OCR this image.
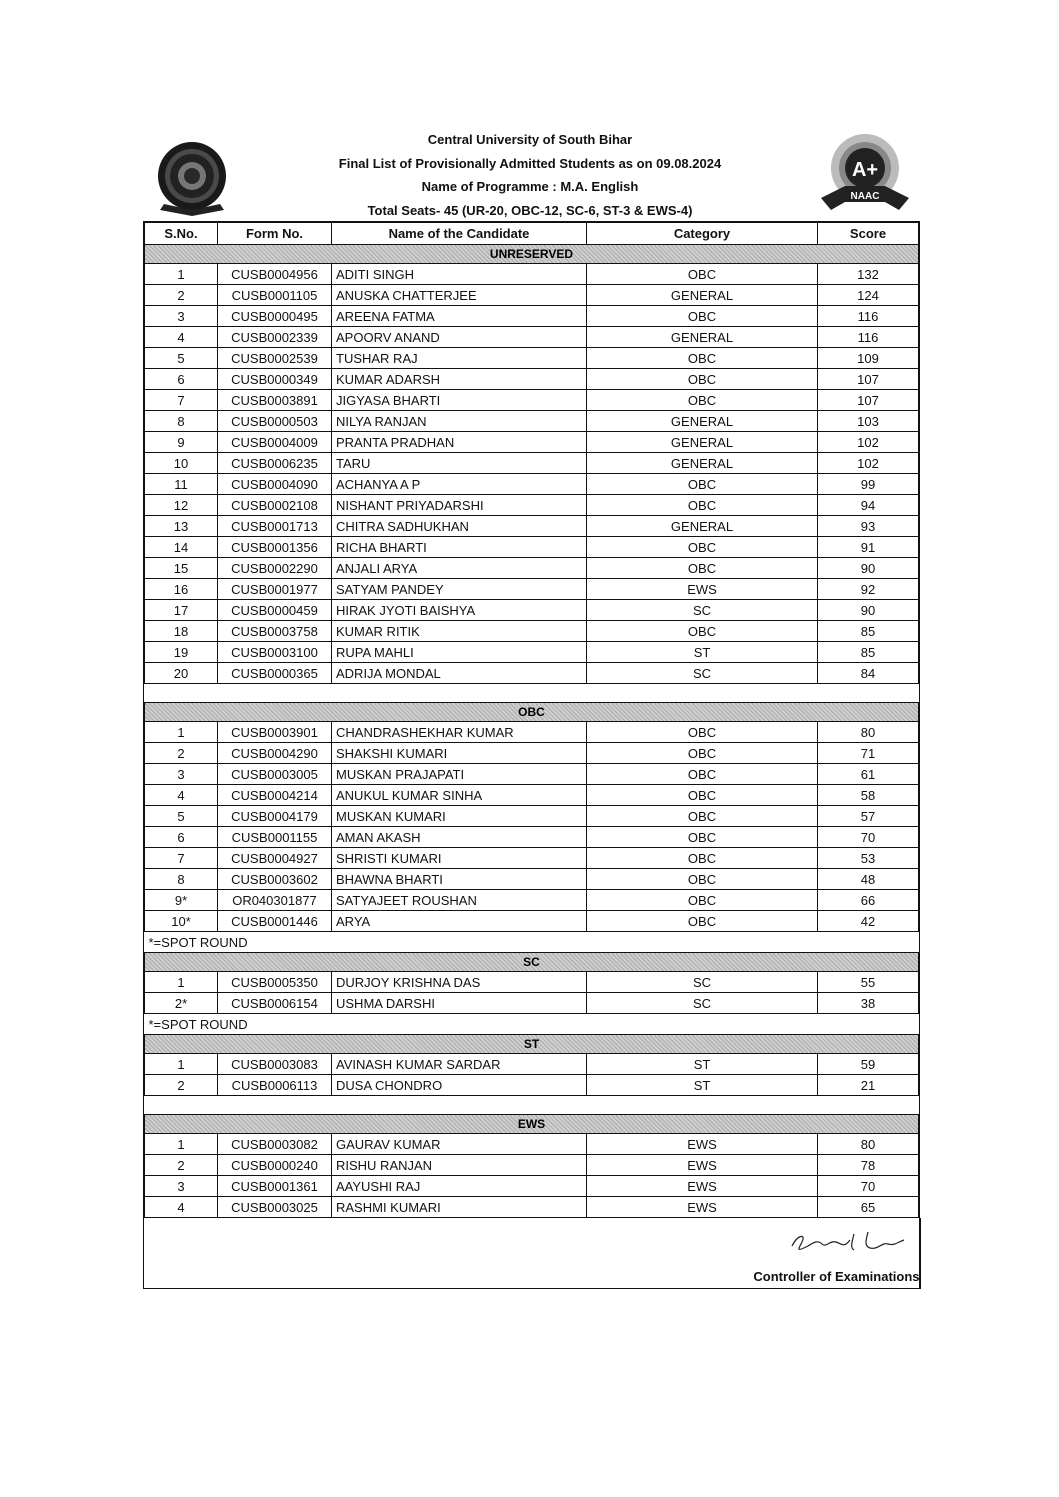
Central University of South Bihar
Final List of Provisionally Admitted Students as on 09.08.2024
Name of Programme : M.A. English
Total Seats- 45 (UR-20, OBC-12, SC-6, ST-3 & EWS-4)
A+
NAAC
S.No.	Form No.	Name of the Candidate	Category	Score
UNRESERVED				
1	CUSB0004956	ADITI SINGH	OBC	132
2	CUSB0001105	ANUSKA CHATTERJEE	GENERAL	124
3	CUSB0000495	AREENA FATMA	OBC	116
4	CUSB0002339	APOORV ANAND	GENERAL	116
5	CUSB0002539	TUSHAR RAJ	OBC	109
6	CUSB0000349	KUMAR ADARSH	OBC	107
7	CUSB0003891	JIGYASA BHARTI	OBC	107
8	CUSB0000503	NILYA RANJAN	GENERAL	103
9	CUSB0004009	PRANTA PRADHAN	GENERAL	102
10	CUSB0006235	TARU	GENERAL	102
11	CUSB0004090	ACHANYA A P	OBC	99
12	CUSB0002108	NISHANT PRIYADARSHI	OBC	94
13	CUSB0001713	CHITRA SADHUKHAN	GENERAL	93
14	CUSB0001356	RICHA BHARTI	OBC	91
15	CUSB0002290	ANJALI ARYA	OBC	90
16	CUSB0001977	SATYAM PANDEY	EWS	92
17	CUSB0000459	HIRAK JYOTI BAISHYA	SC	90
18	CUSB0003758	KUMAR RITIK	OBC	85
19	CUSB0003100	RUPA MAHLI	ST	85
20	CUSB0000365	ADRIJA MONDAL	SC	84

OBC				
1	CUSB0003901	CHANDRASHEKHAR KUMAR	OBC	80
2	CUSB0004290	SHAKSHI KUMARI	OBC	71
3	CUSB0003005	MUSKAN PRAJAPATI	OBC	61
4	CUSB0004214	ANUKUL KUMAR SINHA	OBC	58
5	CUSB0004179	MUSKAN KUMARI	OBC	57
6	CUSB0001155	AMAN AKASH	OBC	70
7	CUSB0004927	SHRISTI KUMARI	OBC	53
8	CUSB0003602	BHAWNA BHARTI	OBC	48
9*	OR040301877	SATYAJEET ROUSHAN	OBC	66
10*	CUSB0001446	ARYA	OBC	42
*=SPOT ROUND				
SC				
1	CUSB0005350	DURJOY KRISHNA DAS	SC	55
2*	CUSB0006154	USHMA DARSHI	SC	38
*=SPOT ROUND				
ST				
1	CUSB0003083	AVINASH KUMAR SARDAR	ST	59
2	CUSB0006113	DUSA CHONDRO	ST	21

EWS				
1	CUSB0003082	GAURAV KUMAR	EWS	80
2	CUSB0000240	RISHU RANJAN	EWS	78
3	CUSB0001361	AAYUSHI RAJ	EWS	70
4	CUSB0003025	RASHMI KUMARI	EWS	65
Controller of Examinations
